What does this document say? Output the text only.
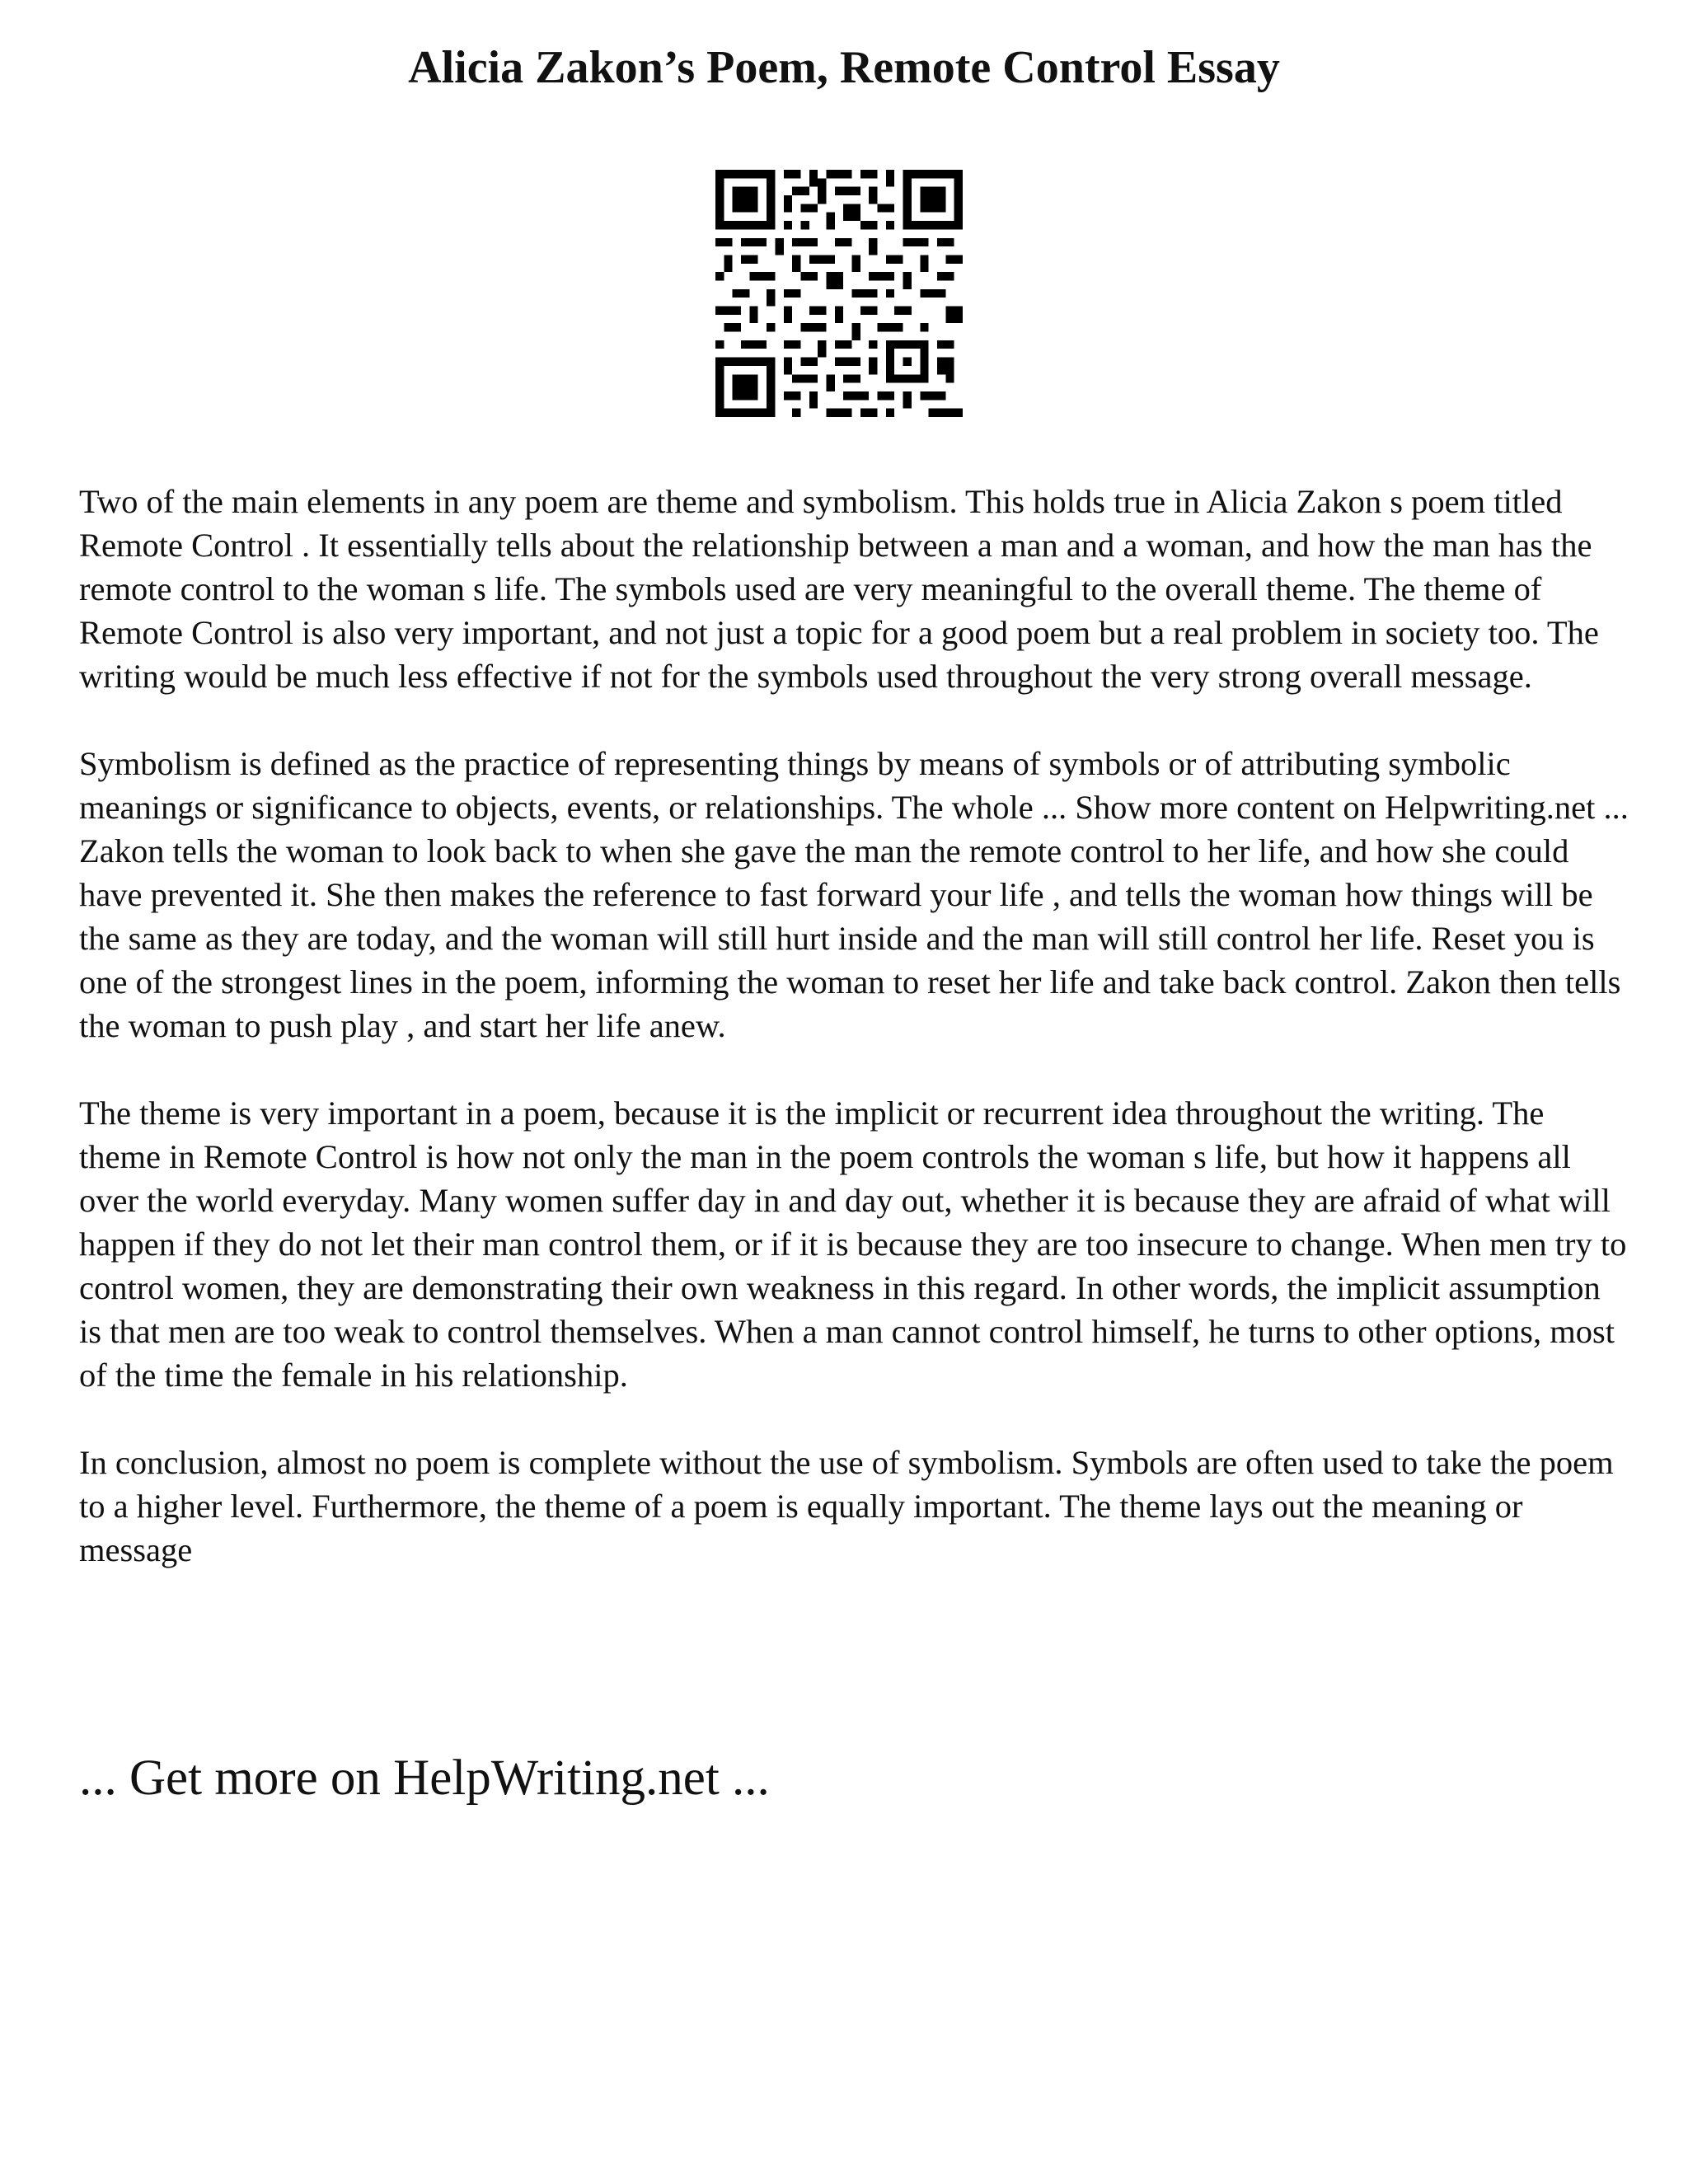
Alicia Zakon’s Poem, Remote Control Essay

Two of the main elements in any poem are theme and symbolism. This holds true in Alicia Zakon s poem titled Remote Control . It essentially tells about the relationship between a man and a woman, and how the man has the remote control to the woman s life. The symbols used are very meaningful to the overall theme. The theme of Remote Control is also very important, and not just a topic for a good poem but a real problem in society too. The writing would be much less effective if not for the symbols used throughout the very strong overall message.

Symbolism is defined as the practice of representing things by means of symbols or of attributing symbolic meanings or significance to objects, events, or relationships. The whole ... Show more content on Helpwriting.net ...

Zakon tells the woman to look back to when she gave the man the remote control to her life, and how she could have prevented it. She then makes the reference to fast forward your life , and tells the woman how things will be the same as they are today, and the woman will still hurt inside and the man will still control her life. Reset you is one of the strongest lines in the poem, informing the woman to reset her life and take back control. Zakon then tells the woman to push play , and start her life anew.

The theme is very important in a poem, because it is the implicit or recurrent idea throughout the writing. The theme in Remote Control is how not only the man in the poem controls the woman s life, but how it happens all over the world everyday. Many women suffer day in and day out, whether it is because they are afraid of what will happen if they do not let their man control them, or if it is because they are too insecure to change. When men try to control women, they are demonstrating their own weakness in this regard. In other words, the implicit assumption is that men are too weak to control themselves. When a man cannot control himself, he turns to other options, most of the time the female in his relationship.

In conclusion, almost no poem is complete without the use of symbolism. Symbols are often used to take the poem to a higher level. Furthermore, the theme of a poem is equally important. The theme lays out the meaning or message

... Get more on HelpWriting.net ...
